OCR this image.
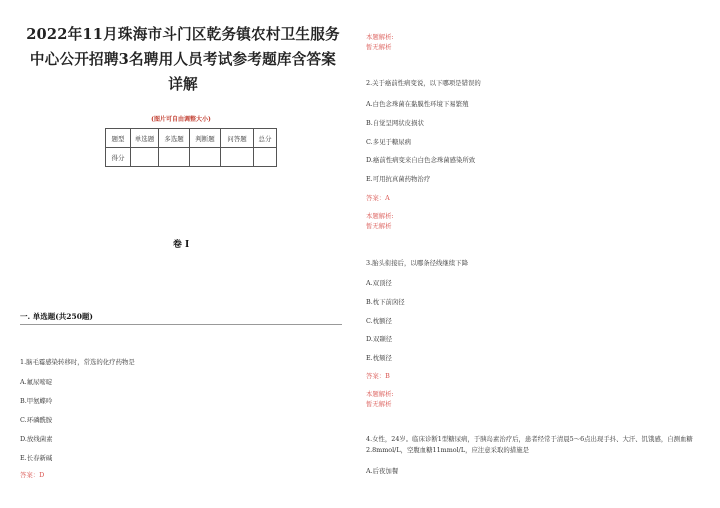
2022年11月珠海市斗门区乾务镇农村卫生服务
中心公开招聘3名聘用人员考试参考题库含答案
详解
(图片可自由调整大小)
题型	单选题	多选题	判断题	问答题	总分
得分					
卷 I
一. 单选题(共250题)
1.脑毛霉感染转移时，常选的化疗药物是
A.氟尿嘧啶
B.甲氨蝶呤
C.环磷酰胺
D.放线菌素
E.长春新碱
答案：D
本题解析:
暂无解析
2.关于癌前性病变说，以下哪项是错误的
A.白色念珠菌在黏膜性环境下易繁殖
B.自觉呈网状皮损状
C.多见于糖尿病
D.癌前性病变来自白色念珠菌感染所致
E.可用抗真菌药物治疗
答案：A
本题解析:
暂无解析
3.胎头衔接后，以哪条径线继续下降
A.双顶径
B.枕下前囟径
C.枕额径
D.双颞径
E.枕颏径
答案：B
本题解析:
暂无解析
4.女性，24岁。临床诊断1型糖尿病，于胰岛素治疗后，患者经常于清晨5～6点出现手抖、大汗、饥饿感，自测血糖2.8mmol/L，空腹血糖11mmol/L，应注意采取的措施是
A.后夜加餐
